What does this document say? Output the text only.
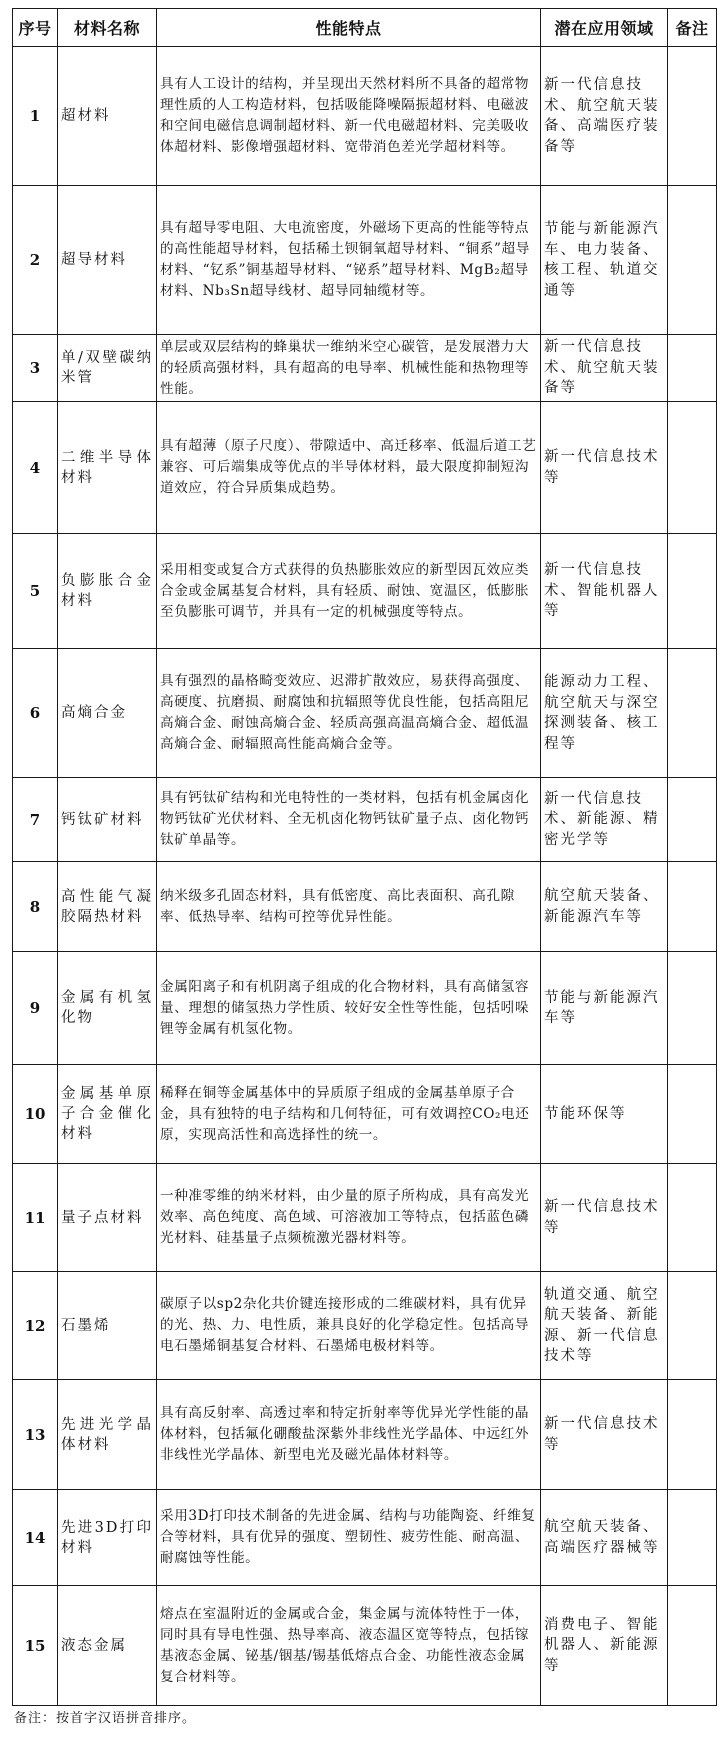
序号	材料名称	性能特点	潜在应用领域	备注
1	超材料	具有人工设计的结构，并呈现出天然材料所不具备的超常物理性质的人工构造材料，包括吸能降噪隔振超材料、电磁波和空间电磁信息调制超材料、新一代电磁超材料、完美吸收体超材料、影像增强超材料、宽带消色差光学超材料等。	新一代信息技术、航空航天装备、高端医疗装备等	
2	超导材料	具有超导零电阻、大电流密度，外磁场下更高的性能等特点的高性能超导材料，包括稀土钡铜氧超导材料、“铜系”超导材料、“钇系”铜基超导材料、“铋系”超导材料、MgB₂超导材料、Nb₃Sn超导线材、超导同轴缆材等。	节能与新能源汽车、电力装备、核工程、轨道交通等	
3	单/双壁碳纳米管	单层或双层结构的蜂巢状一维纳米空心碳管，是发展潜力大的轻质高强材料，具有超高的电导率、机械性能和热物理等性能。	新一代信息技术、航空航天装备等	
4	二维半导体材料	具有超薄（原子尺度）、带隙适中、高迁移率、低温后道工艺兼容、可后端集成等优点的半导体材料，最大限度抑制短沟道效应，符合异质集成趋势。	新一代信息技术等	
5	负膨胀合金材料	采用相变或复合方式获得的负热膨胀效应的新型因瓦效应类合金或金属基复合材料，具有轻质、耐蚀、宽温区，低膨胀至负膨胀可调节，并具有一定的机械强度等特点。	新一代信息技术、智能机器人等	
6	高熵合金	具有强烈的晶格畸变效应、迟滞扩散效应，易获得高强度、高硬度、抗磨损、耐腐蚀和抗辐照等优良性能，包括高阻尼高熵合金、耐蚀高熵合金、轻质高强高温高熵合金、超低温高熵合金、耐辐照高性能高熵合金等。	能源动力工程、航空航天与深空探测装备、核工程等	
7	钙钛矿材料	具有钙钛矿结构和光电特性的一类材料，包括有机金属卤化物钙钛矿光伏材料、全无机卤化物钙钛矿量子点、卤化物钙钛矿单晶等。	新一代信息技术、新能源、精密光学等	
8	高性能气凝胶隔热材料	纳米级多孔固态材料，具有低密度、高比表面积、高孔隙率、低热导率、结构可控等优异性能。	航空航天装备、新能源汽车等	
9	金属有机氢化物	金属阳离子和有机阴离子组成的化合物材料，具有高储氢容量、理想的储氢热力学性质、较好安全性等性能，包括吲哚锂等金属有机氢化物。	节能与新能源汽车等	
10	金属基单原子合金催化材料	稀释在铜等金属基体中的异质原子组成的金属基单原子合金，具有独特的电子结构和几何特征，可有效调控CO₂电还原，实现高活性和高选择性的统一。	节能环保等	
11	量子点材料	一种准零维的纳米材料，由少量的原子所构成，具有高发光效率、高色纯度、高色域、可溶液加工等特点，包括蓝色磷光材料、硅基量子点频梳激光器材料等。	新一代信息技术等	
12	石墨烯	碳原子以sp2杂化共价键连接形成的二维碳材料，具有优异的光、热、力、电性质，兼具良好的化学稳定性。包括高导电石墨烯铜基复合材料、石墨烯电极材料等。	轨道交通、航空航天装备、新能源、新一代信息技术等	
13	先进光学晶体材料	具有高反射率、高透过率和特定折射率等优异光学性能的晶体材料，包括氟化硼酸盐深紫外非线性光学晶体、中远红外非线性光学晶体、新型电光及磁光晶体材料等。	新一代信息技术等	
14	先进3D打印材料	采用3D打印技术制备的先进金属、结构与功能陶瓷、纤维复合等材料，具有优异的强度、塑韧性、疲劳性能、耐高温、耐腐蚀等性能。	航空航天装备、高端医疗器械等	
15	液态金属	熔点在室温附近的金属或合金，集金属与流体特性于一体，同时具有导电性强、热导率高、液态温区宽等特点，包括镓基液态金属、铋基/铟基/锡基低熔点合金、功能性液态金属复合材料等。	消费电子、智能机器人、新能源等	
备注：按首字汉语拼音排序。
